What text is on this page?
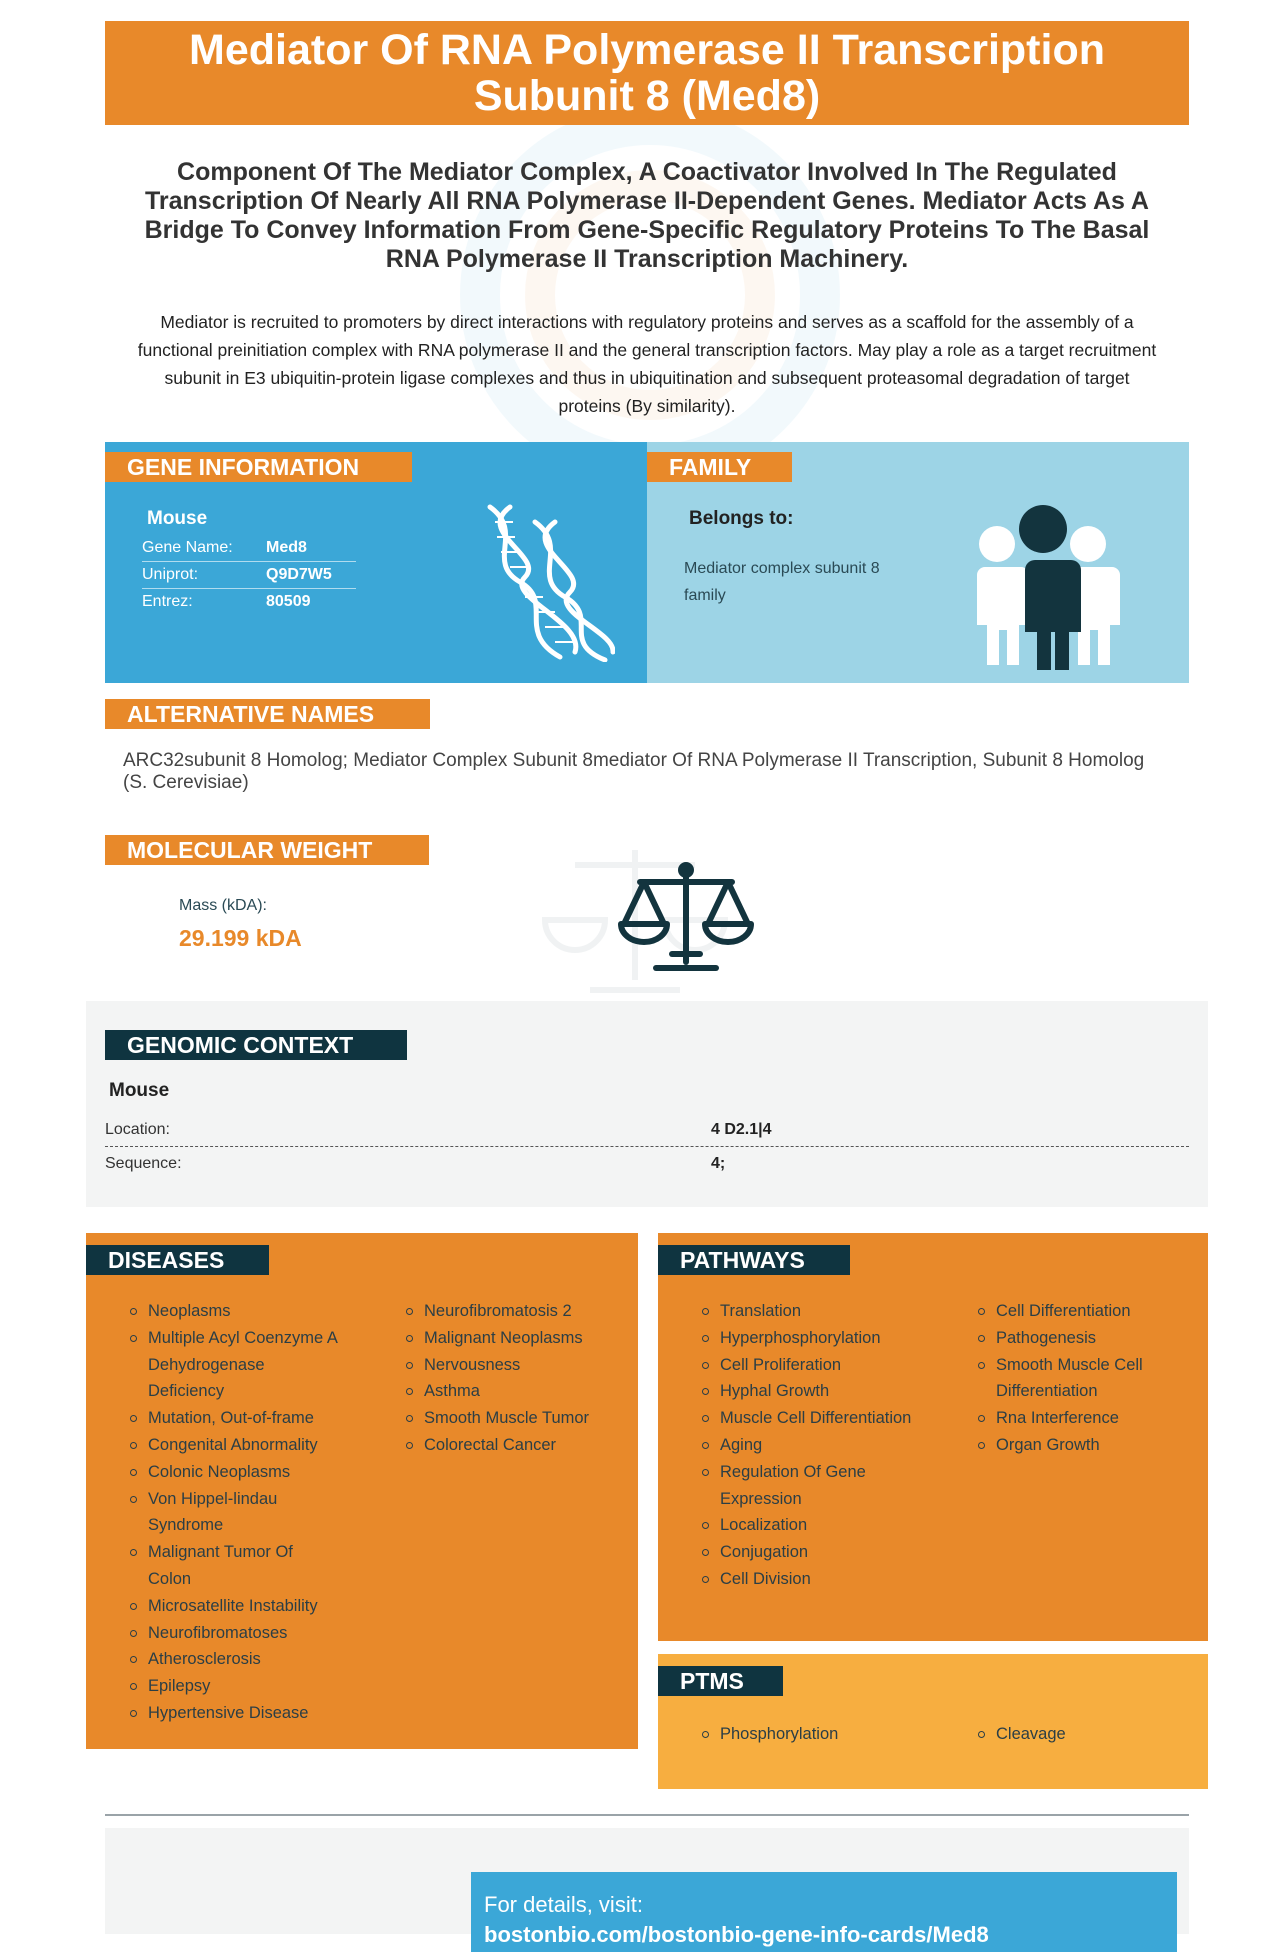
Mediator Of RNA Polymerase II Transcription Subunit 8 (Med8)
Component Of The Mediator Complex, A Coactivator Involved In The Regulated Transcription Of Nearly All RNA Polymerase II-Dependent Genes. Mediator Acts As A Bridge To Convey Information From Gene-Specific Regulatory Proteins To The Basal RNA Polymerase II Transcription Machinery.
Mediator is recruited to promoters by direct interactions with regulatory proteins and serves as a scaffold for the assembly of a functional preinitiation complex with RNA polymerase II and the general transcription factors. May play a role as a target recruitment subunit in E3 ubiquitin-protein ligase complexes and thus in ubiquitination and subsequent proteasomal degradation of target proteins (By similarity).
GENE INFORMATION
Mouse
Gene Name: Med8
Uniprot:	Q9D7W5
Entrez:	80509
FAMILY
Belongs to:
Mediator complex subunit 8 family
ALTERNATIVE NAMES
ARC32subunit 8 Homolog; Mediator Complex Subunit 8mediator Of RNA Polymerase II Transcription, Subunit 8 Homolog (S. Cerevisiae)
MOLECULAR WEIGHT
Mass (kDA):
29.199 kDA
GENOMIC CONTEXT
Mouse
Location:	4 D2.1|4
Sequence:	4;
DISEASES
Neoplasms
Multiple Acyl Coenzyme A Dehydrogenase Deficiency
Mutation, Out-of-frame
Congenital Abnormality
Colonic Neoplasms
Von Hippel-lindau Syndrome
Malignant Tumor Of Colon
Microsatellite Instability
Neurofibromatoses
Atherosclerosis
Epilepsy
Hypertensive Disease
Neurofibromatosis 2
Malignant Neoplasms
Nervousness
Asthma
Smooth Muscle Tumor
Colorectal Cancer
PATHWAYS
Translation
Hyperphosphorylation
Cell Proliferation
Hyphal Growth
Muscle Cell Differentiation
Aging
Regulation Of Gene Expression
Localization
Conjugation
Cell Division
Cell Differentiation
Pathogenesis
Smooth Muscle Cell Differentiation
Rna Interference
Organ Growth
PTMS
Phosphorylation	Cleavage
For details, visit:
bostonbio.com/bostonbio-gene-info-cards/Med8
